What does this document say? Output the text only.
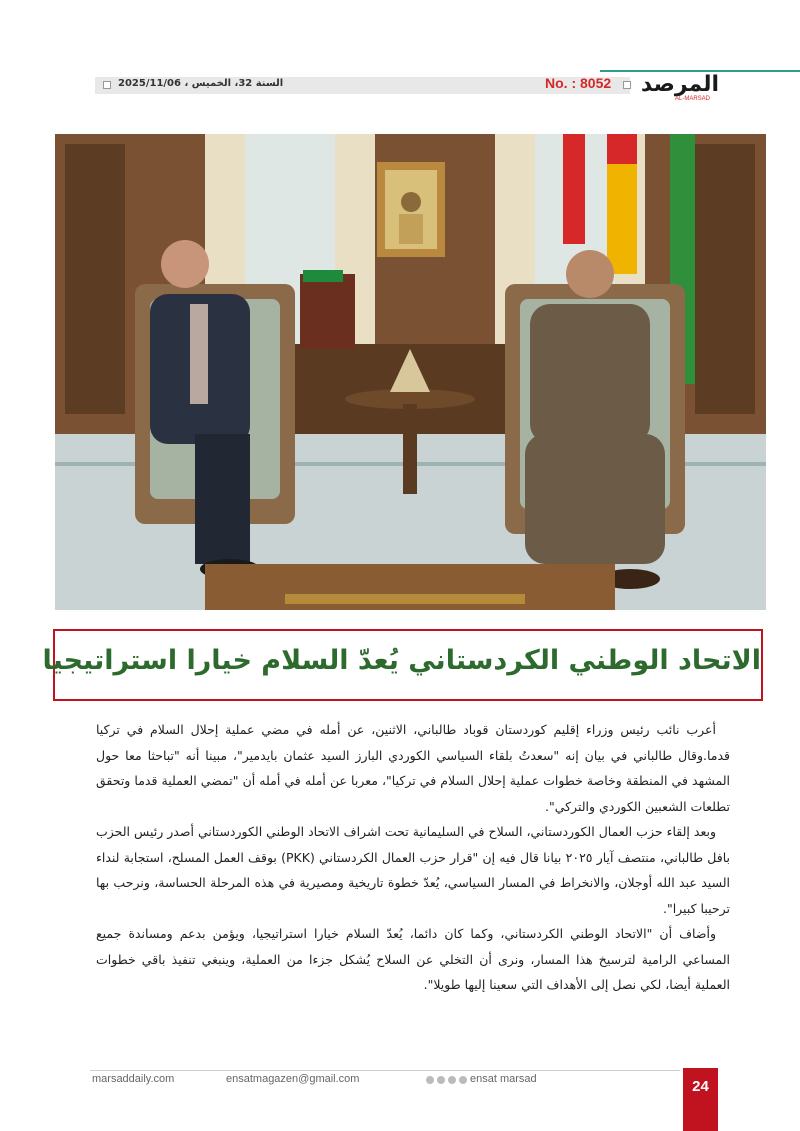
السنة 32، الخميس ، 2025/11/06	No. : 8052 المرصد
AL-MARSAD
الاتحاد الوطني الكردستاني يُعدّ السلام خيارا استراتيجيا

أعرب نائب رئيس وزراء إقليم كوردستان قوباد طالباني، الاثنين، عن أمله في مضي عملية إحلال السلام في تركيا قدما.وقال طالباني في بيان إنه "سعدتُ بلقاء السياسي الكوردي البارز السيد عثمان بايدمير"، مبينا أنه "تباحثا معا حول المشهد في المنطقة وخاصة خطوات عملية إحلال السلام في تركيا"، معربا عن أمله في أمله أن "تمضي العملية قدما وتحقق تطلعات الشعبين الكوردي والتركي".

وبعد إلقاء حزب العمال الكوردستاني، السلاح في السليمانية تحت اشراف الاتحاد الوطني الكوردستاني أصدر رئيس الحزب بافل طالباني، منتصف آيار ٢٠٢٥ بيانا قال فيه إن "قرار حزب العمال الكردستاني (PKK) بوقف العمل المسلح، استجابة لنداء السيد عبد الله أوجلان، والانخراط في المسار السياسي، يُعدّ خطوة تاريخية ومصيرية في هذه المرحلة الحساسة، ونرحب بها ترحيبا كبيرا".

وأضاف أن "الاتحاد الوطني الكردستاني، وكما كان دائما، يُعدّ السلام خيارا استراتيجيا، ويؤمن بدعم ومساندة جميع المساعي الرامية لترسيخ هذا المسار، ونرى أن التخلي عن السلاح يُشكل جزءا من العملية، وينبغي تنفيذ باقي خطوات العملية أيضا، لكي نصل إلى الأهداف التي سعينا إليها طويلا".

marsaddaily.com	ensatmagazen@gmail.com	ensat marsad	24
